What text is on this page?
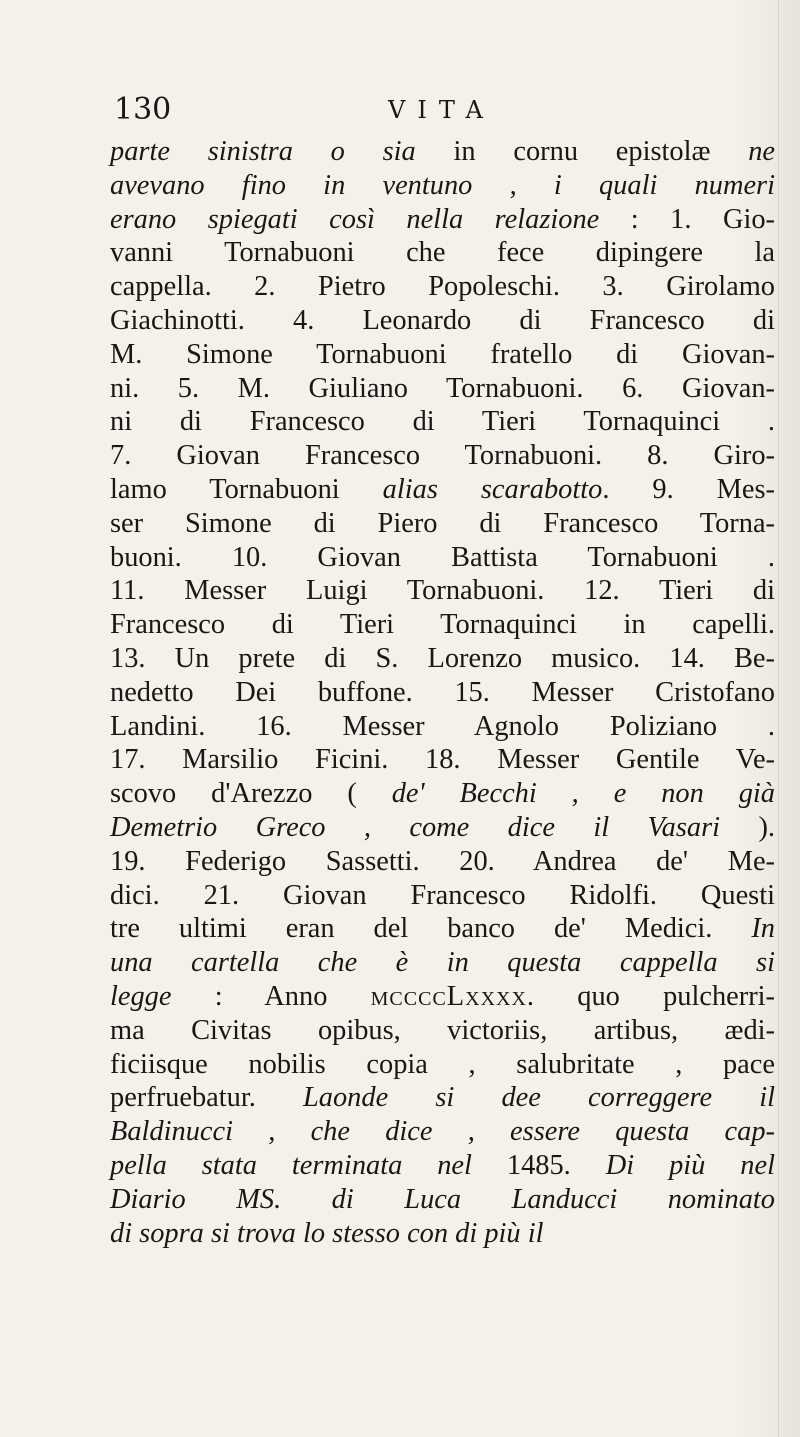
130	VITA
parte sinistra o sia in cornu epistolæ ne
avevano fino in ventuno , i quali numeri
erano spiegati così nella relazione : 1. Gio-
vanni Tornabuoni che fece dipingere la
cappella. 2. Pietro Popoleschi. 3. Girolamo
Giachinotti. 4. Leonardo di Francesco di
M. Simone Tornabuoni fratello di Giovan-
ni. 5. M. Giuliano Tornabuoni. 6. Giovan-
ni di Francesco di Tieri Tornaquinci .
7. Giovan Francesco Tornabuoni. 8. Giro-
lamo Tornabuoni alias scarabotto. 9. Mes-
ser Simone di Piero di Francesco Torna-
buoni. 10. Giovan Battista Tornabuoni .
11. Messer Luigi Tornabuoni. 12. Tieri di
Francesco di Tieri Tornaquinci in capelli.
13. Un prete di S. Lorenzo musico. 14. Be-
nedetto Dei buffone. 15. Messer Cristofano
Landini. 16. Messer Agnolo Poliziano .
17. Marsilio Ficini. 18. Messer Gentile Ve-
scovo d'Arezzo ( de' Becchi , e non già
Demetrio Greco , come dice il Vasari ).
19. Federigo Sassetti. 20. Andrea de' Me-
dici. 21. Giovan Francesco Ridolfi. Questi
tre ultimi eran del banco de' Medici. In
una cartella che è in questa cappella si
legge : Anno mccccLxxxx. quo pulcherri-
ma Civitas opibus, victoriis, artibus, ædi-
ficiisque nobilis copia , salubritate , pace
perfruebatur. Laonde si dee correggere il
Baldinucci , che dice , essere questa cap-
pella stata terminata nel 1485. Di più nel
Diario MS. di Luca Landucci nominato
di sopra si trova lo stesso con di più il
